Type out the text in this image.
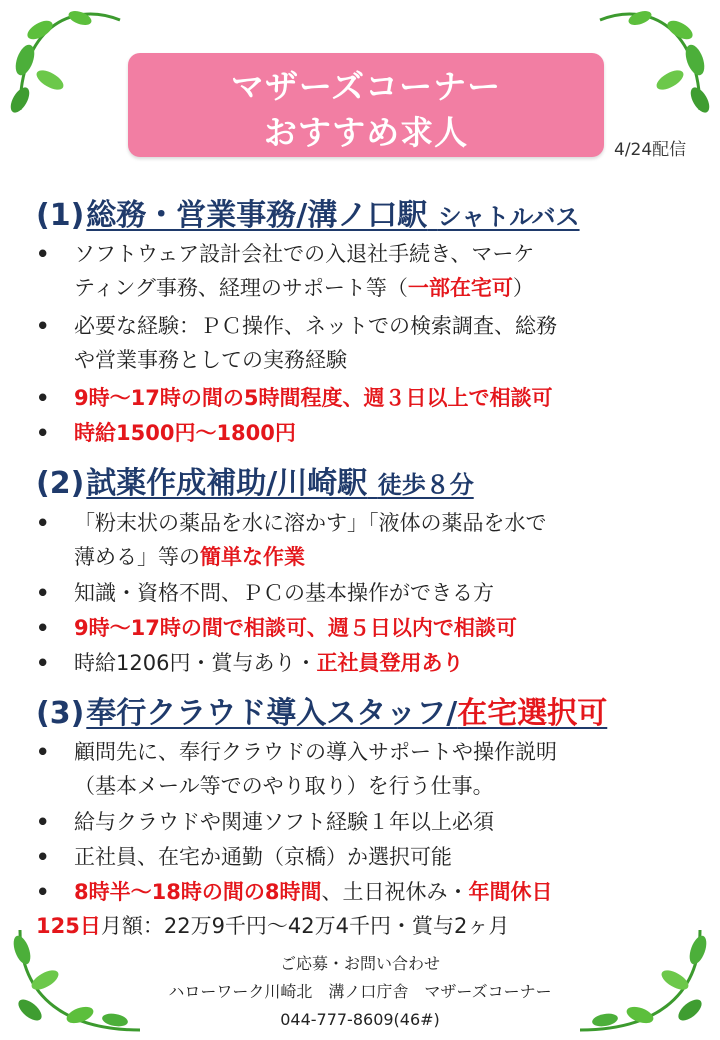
マザーズコーナー
おすすめ求人	4/24配信
(1)総務・営業事務/溝ノ口駅 シャトルバス
•	ソフトウェア設計会社での入退社手続き、マーケ
ティング事務、経理のサポート等（一部在宅可）
•	必要な経験：ＰＣ操作、ネットでの検索調査、総務
や営業事務としての実務経験
•	9時～17時の間の5時間程度、週３日以上で相談可
•	時給1500円～1800円
(2)試薬作成補助/川崎駅 徒歩８分
•	「粉末状の薬品を水に溶かす」「液体の薬品を水で
薄める」等の簡単な作業
•	知識・資格不問、ＰＣの基本操作ができる方
•	9時～17時の間で相談可、週５日以内で相談可
•	時給1206円・賞与あり・正社員登用あり
(3)奉行クラウド導入スタッフ/在宅選択可
•	顧問先に、奉行クラウドの導入サポートや操作説明
（基本メール等でのやり取り）を行う仕事。
•	給与クラウドや関連ソフト経験１年以上必須
•	正社員、在宅か通勤（京橋）か選択可能
•	8時半～18時の間の8時間、土日祝休み・年間休日
125日月額：22万9千円～42万4千円・賞与2ヶ月
ご応募・お問い合わせ
ハローワーク川崎北　溝ノ口庁舎　マザーズコーナー
044-777-8609(46#)
